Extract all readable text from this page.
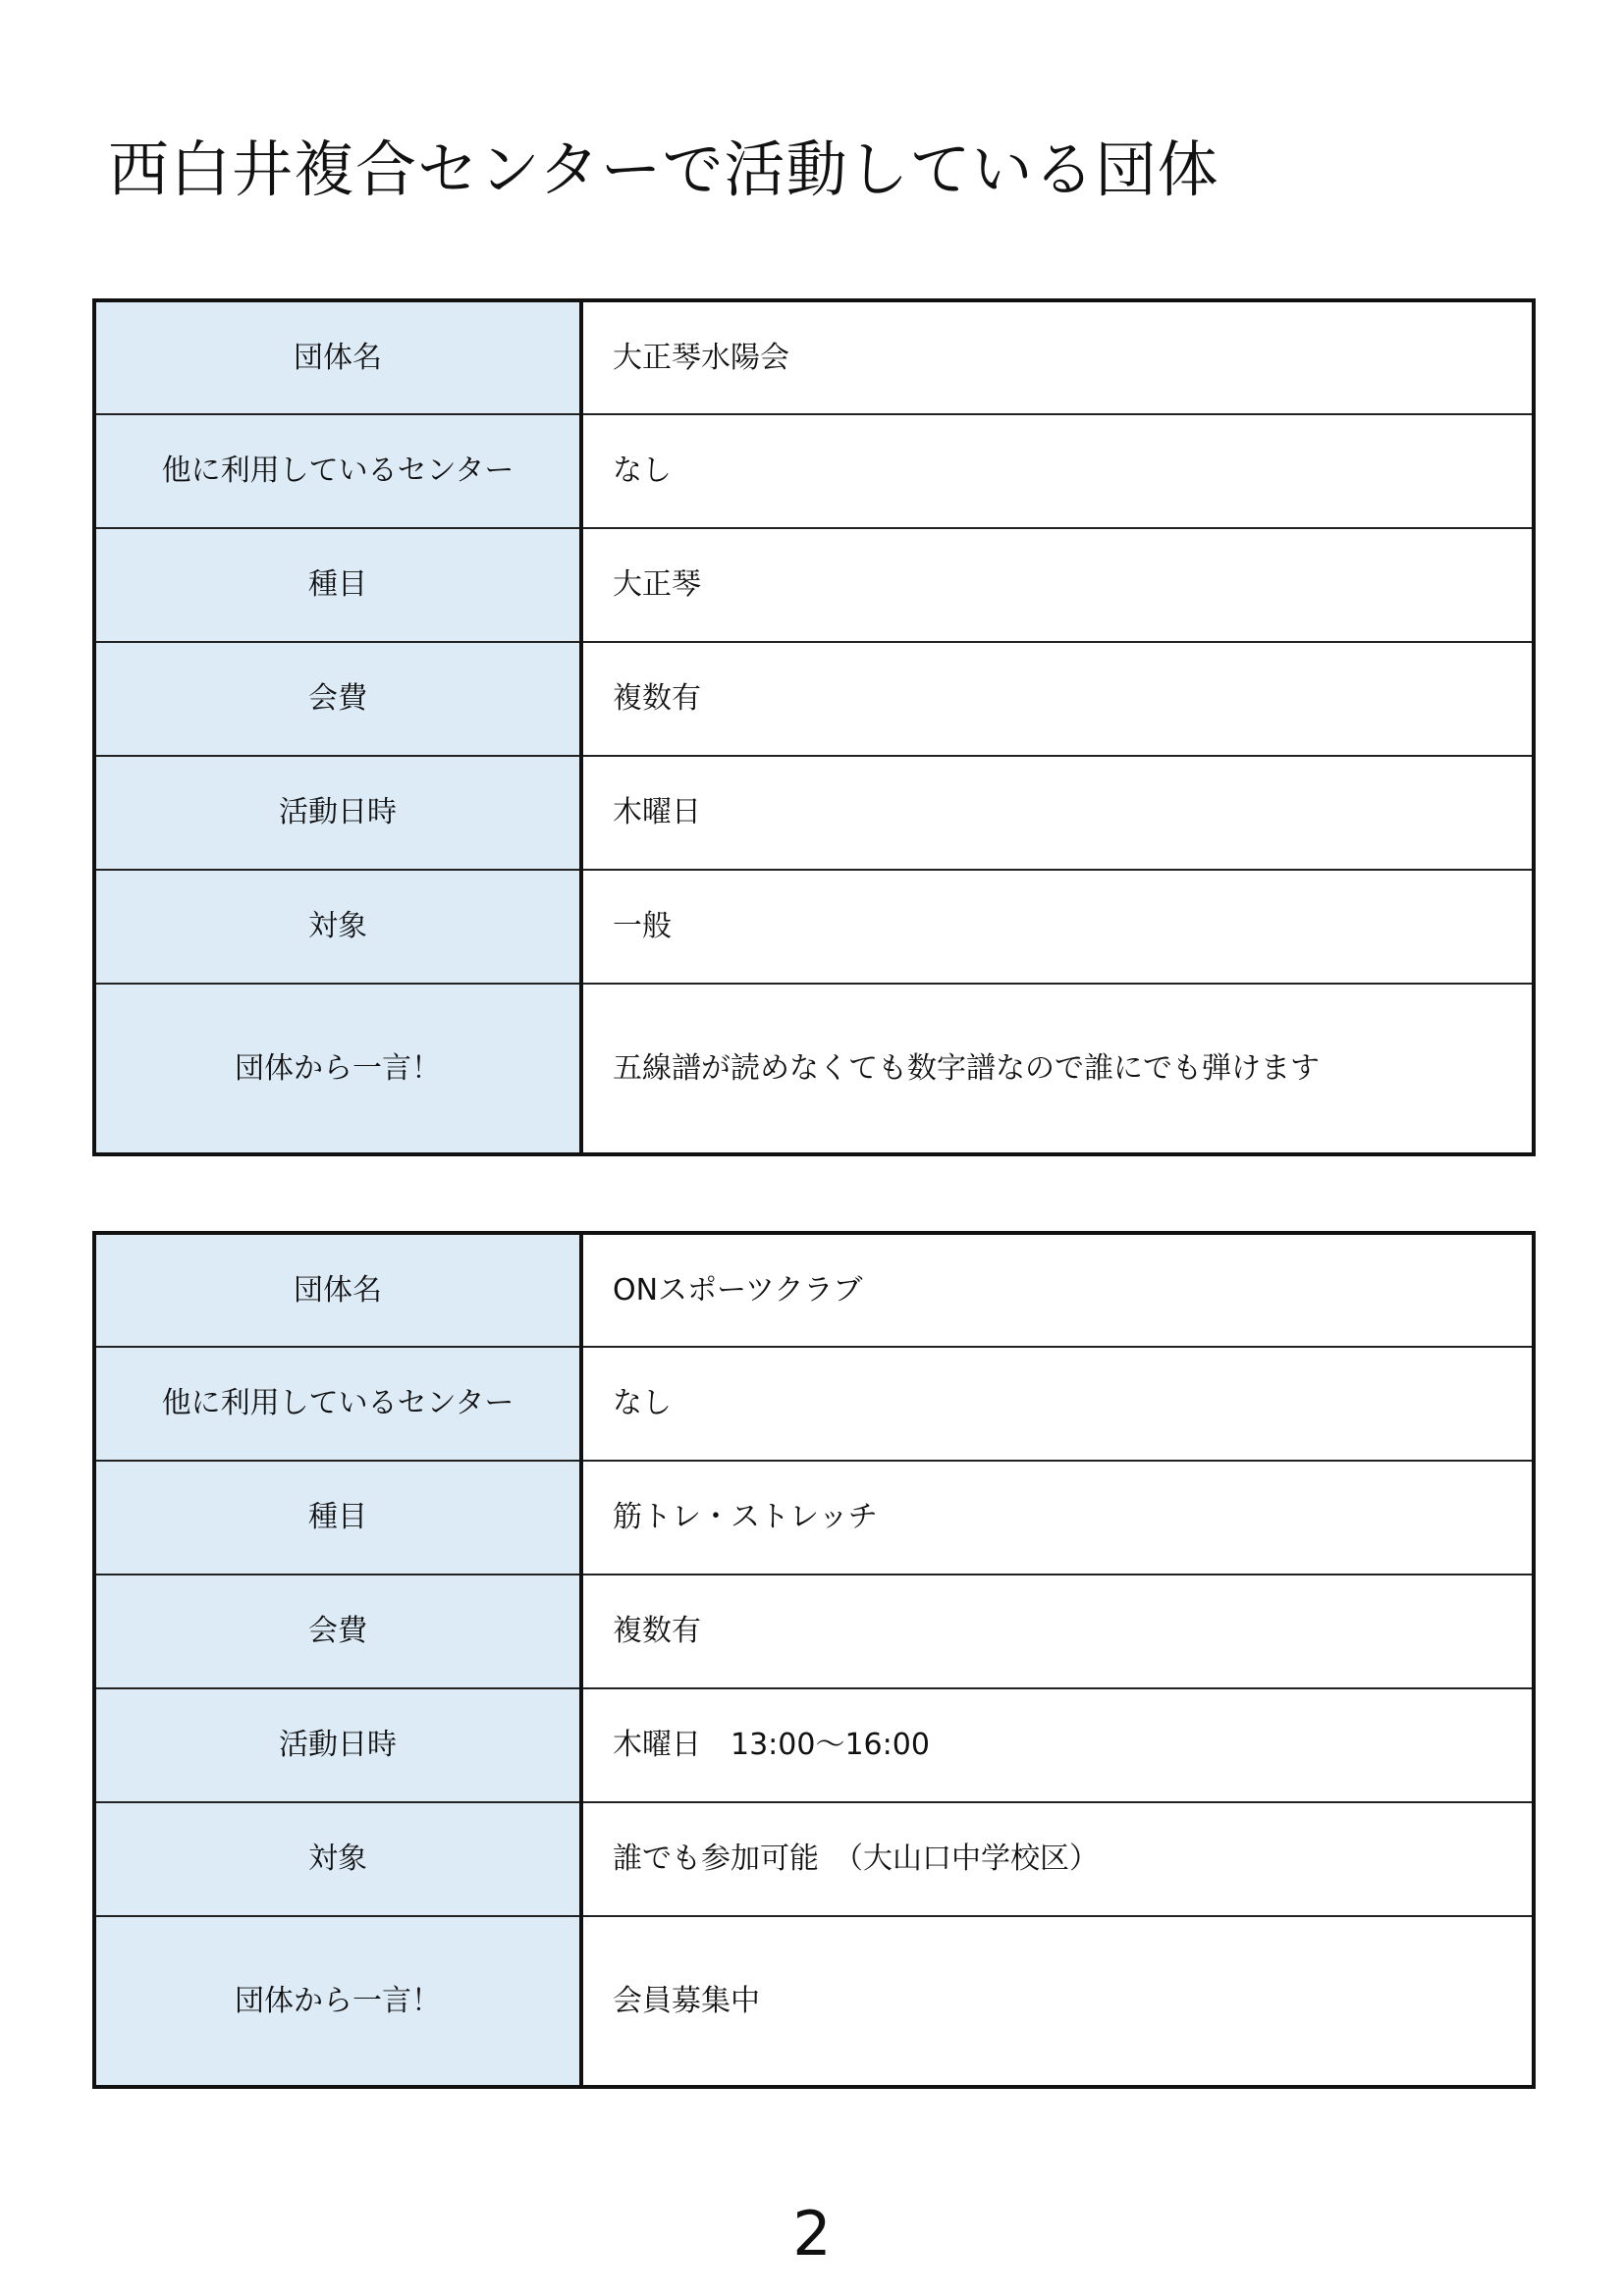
西白井複合センターで活動している団体
団体名	大正琴水陽会
他に利用しているセンター	なし
種目	大正琴
会費	複数有
活動日時	木曜日
対象	一般
団体から一言！	五線譜が読めなくても数字譜なので誰にでも弾けます
団体名	ONスポーツクラブ
他に利用しているセンター	なし
種目	筋トレ・ストレッチ
会費	複数有
活動日時	木曜日　13:00～16:00
対象	誰でも参加可能　（大山口中学校区）
団体から一言！	会員募集中
2
